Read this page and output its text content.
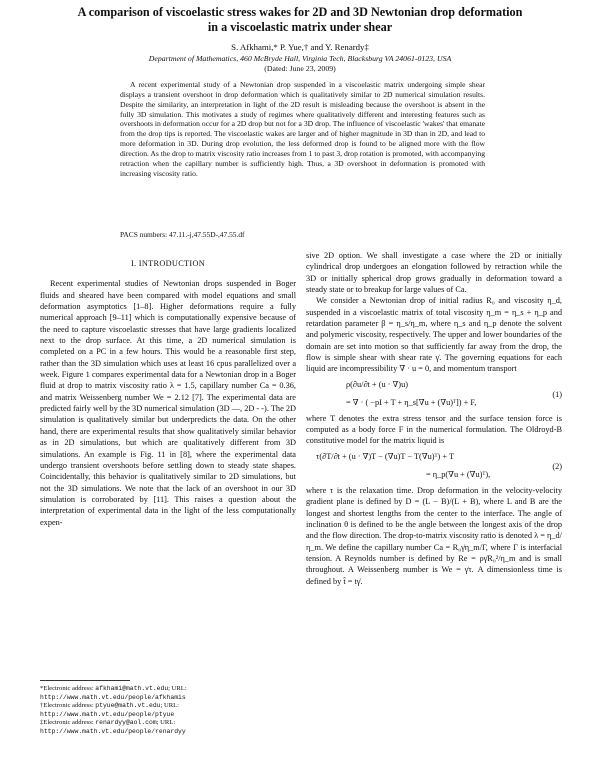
A comparison of viscoelastic stress wakes for 2D and 3D Newtonian drop deformation
in a viscoelastic matrix under shear
S. Afkhami,* P. Yue,† and Y. Renardy‡
Department of Mathematics, 460 McBryde Hall, Virginia Tech, Blacksburg VA 24061-0123, USA
(Dated: June 23, 2009)

A recent experimental study of a Newtonian drop suspended in a viscoelastic matrix undergoing simple shear displays a transient overshoot in drop deformation which is qualitatively similar to 2D numerical simulation results. Despite the similarity, an interpretation in light of the 2D result is misleading because the overshoot is absent in the fully 3D simulation. This motivates a study of regimes where qualitatively different and interesting features such as overshoots in deformation occur for a 2D drop but not for a 3D drop. The influence of viscoelastic 'wakes' that emanate from the drop tips is reported. The viscoelastic wakes are larger and of higher magnitude in 3D than in 2D, and lead to more deformation in 3D. During drop evolution, the less deformed drop is found to be aligned more with the flow direction. As the drop to matrix viscosity ratio increases from 1 to past 3, drop rotation is promoted, with accompanying retraction when the capillary number is sufficiently high. Thus, a 3D overshoot in deformation is promoted with increasing viscosity ratio.

PACS numbers: 47.11.-j,47.55D-,47.55.df
I. INTRODUCTION

Recent experimental studies of Newtonian drops suspended in Boger fluids and sheared have been compared with model equations and small deformation asymptotics [1–8]. Higher deformations require a fully numerical approach [9–11] which is computationally expensive because of the need to capture viscoelastic stresses that have large gradients localized next to the drop surface. At this time, a 2D numerical simulation is completed on a PC in a few hours. This would be a reasonable first step, rather than the 3D simulation which uses at least 16 cpus parallelized over a week. Figure 1 compares experimental data for a Newtonian drop in a Boger fluid at drop to matrix viscosity ratio λ = 1.5, capillary number Ca = 0.36, and matrix Weissenberg number We = 2.12 [7]. The experimental data are predicted fairly well by the 3D numerical simulation (3D —, 2D - -). The 2D simulation is qualitatively similar but underpredicts the data. On the other hand, there are experimental results that show qualitatively similar behavior as in 2D simulations, but which are qualitatively different from 3D simulations. An example is Fig. 11 in [8], where the experimental data undergo transient overshoots before settling down to steady state shapes. Coincidentally, this behavior is qualitatively similar to 2D simulations, but not the 3D simulations. We note that the lack of an overshoot in our 3D simulation is corroborated by [11]. This raises a question about the interpretation of experimental data in the light of the less computationally expen-

sive 2D option. We shall investigate a case where the 2D or initially cylindrical drop undergoes an elongation followed by retraction while the 3D or initially spherical drop grows gradually in deformation toward a steady state or to breakup for large values of Ca.

We consider a Newtonian drop of initial radius R₀ and viscosity η_d, suspended in a viscoelastic matrix of total viscosity η_m = η_s + η_p and retardation parameter β = η_s/η_m, where η_s and η_p denote the solvent and polymeric viscosity, respectively. The upper and lower boundaries of the domain are set into motion so that sufficiently far away from the drop, the flow is simple shear with shear rate γ̇. The governing equations for each liquid are incompressibility ∇ · u = 0, and momentum transport

ρ(∂u/∂t + (u · ∇)u)
= ∇ · ( −pI + T + η_s[∇u + (∇u)ᵀ]) + F,
(1)

where T denotes the extra stress tensor and the surface tension force is computed as a body force F in the numerical formulation. The Oldroyd-B constitutive model for the matrix liquid is

τ(∂T/∂t + (u · ∇)T − (∇u)T − T(∇u)ᵀ) + T
= η_p(∇u + (∇u)ᵀ),
(2)

where τ is the relaxation time. Drop deformation in the velocity-velocity gradient plane is defined by D = (L − B)/(L + B), where L and B are the longest and shortest lengths from the center to the interface. The angle of inclination θ is defined to be the angle between the longest axis of the drop and the flow direction. The drop-to-matrix viscosity ratio is denoted λ = η_d/η_m. We define the capillary number Ca = R₀γ̇η_m/Γ, where Γ is interfacial tension. A Reynolds number is defined by Re = ργ̇R₀²/η_m and is small throughout. A Weissenberg number is We = γ̇τ. A dimensionless time is defined by t̂ = tγ̇.

*Electronic address: afkhami@math.vt.edu; URL: http://www.math.vt.edu/people/afkhamis
†Electronic address: ptyue@math.vt.edu; URL: http://www.math.vt.edu/people/ptyue
‡Electronic address: renardyy@aol.com; URL: http://www.math.vt.edu/people/renardyy
